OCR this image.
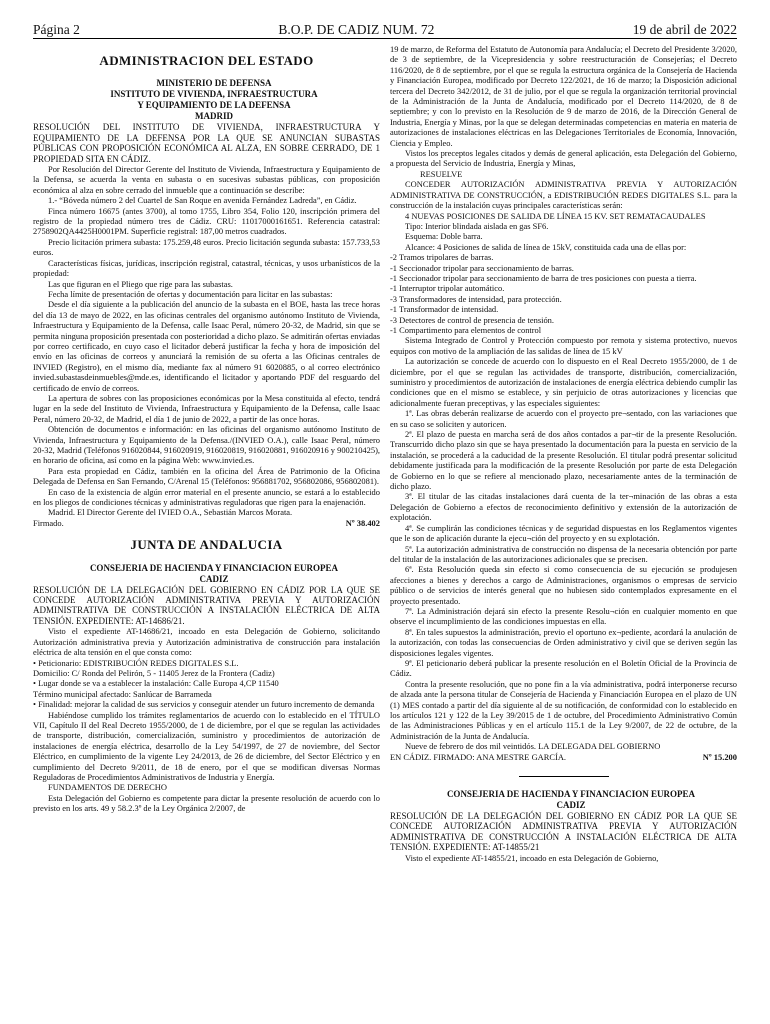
Página 2	B.O.P. DE CADIZ NUM. 72	19 de abril de 2022
ADMINISTRACION DEL ESTADO

MINISTERIO DE DEFENSA

INSTITUTO DE VIVIENDA, INFRAESTRUCTURA

Y EQUIPAMIENTO DE LA DEFENSA

MADRID

RESOLUCIÓN DEL INSTITUTO DE VIVIENDA, INFRAESTRUCTURA Y EQUIPAMIENTO DE LA DEFENSA POR LA QUE SE ANUNCIAN SUBASTAS PÚBLICAS CON PROPOSICIÓN ECONÓMICA AL ALZA, EN SOBRE CERRADO, DE 1 PROPIEDAD SITA EN CÁDIZ.

Por Resolución del Director Gerente del Instituto de Vivienda, Infraestructura y Equipamiento de la Defensa, se acuerda la venta en subasta o en sucesivas subastas públicas, con proposición económica al alza en sobre cerrado del inmueble que a continuación se describe:

1.- “Bóveda número 2 del Cuartel de San Roque en avenida Fernández Ladreda”, en Cádiz.

Finca número 16675 (antes 3700), al tomo 1755, Libro 354, Folio 120, inscripción primera del registro de la propiedad número tres de Cádiz. CRU: 11017000161651. Referencia catastral: 2758902QA4425H0001PM. Superficie registral: 187,00 metros cuadrados.

Precio licitación primera subasta: 175.259,48 euros. Precio licitación segunda subasta: 157.733,53 euros.

Características físicas, jurídicas, inscripción registral, catastral, técnicas, y usos urbanísticos de la propiedad:

Las que figuran en el Pliego que rige para las subastas.

Fecha límite de presentación de ofertas y documentación para licitar en las subastas:

Desde el día siguiente a la publicación del anuncio de la subasta en el BOE, hasta las trece horas del día 13 de mayo de 2022, en las oficinas centrales del organismo autónomo Instituto de Vivienda, Infraestructura y Equipamiento de la Defensa, calle Isaac Peral, número 20-32, de Madrid, sin que se permita ninguna proposición presentada con posterioridad a dicho plazo. Se admitirán ofertas enviadas por correo certificado, en cuyo caso el licitador deberá justificar la fecha y hora de imposición del envío en las oficinas de correos y anunciará la remisión de su oferta a las Oficinas centrales de INVIED (Registro), en el mismo día, mediante fax al número 91 6020885, o al correo electrónico invied.subastasdeinmuebles@mde.es, identificando el licitador y aportando PDF del resguardo del certificado de envío de correos.

La apertura de sobres con las proposiciones económicas por la Mesa constituida al efecto, tendrá lugar en la sede del Instituto de Vivienda, Infraestructura y Equipamiento de la Defensa, calle Isaac Peral, número 20-32, de Madrid, el día 1 de junio de 2022, a partir de las once horas.

Obtención de documentos e información: en las oficinas del organismo autónomo Instituto de Vivienda, Infraestructura y Equipamiento de la Defensa./(INVIED O.A.), calle Isaac Peral, número 20-32, Madrid (Teléfonos 916020844, 916020919, 916020819, 916020881, 916020916 y 900210425), en horario de oficina, así como en la página Web: www.invied.es.

Para esta propiedad en Cádiz, también en la oficina del Área de Patrimonio de la Oficina Delegada de Defensa en San Fernando, C/Arenal 15 (Teléfonos: 956881702, 956802086, 956802081).

En caso de la existencia de algún error material en el presente anuncio, se estará a lo establecido en los pliegos de condiciones técnicas y administrativas reguladoras que rigen para la enajenación.

Madrid. El Director Gerente del IVIED O.A., Sebastián Marcos Morata.

Firmado.	Nº 38.402
JUNTA DE ANDALUCIA

CONSEJERIA DE HACIENDA Y FINANCIACION EUROPEA

CADIZ

RESOLUCIÓN DE LA DELEGACIÓN DEL GOBIERNO EN CÁDIZ POR LA QUE SE CONCEDE AUTORIZACIÓN ADMINISTRATIVA PREVIA Y AUTORIZACIÓN ADMINISTRATIVA DE CONSTRUCCIÓN A INSTALACIÓN ELÉCTRICA DE ALTA TENSIÓN. EXPEDIENTE: AT-14686/21.

Visto el expediente AT-14686/21, incoado en esta Delegación de Gobierno, solicitando Autorización administrativa previa y Autorización administrativa de construcción para instalación eléctrica de alta tensión en el que consta como:

• Peticionario: EDISTRIBUCIÓN REDES DIGITALES S.L.

Domicilio: C/ Ronda del Pelirón, 5 - 11405 Jerez de la Frontera (Cadiz)

• Lugar donde se va a establecer la instalación: Calle Europa 4,CP 11540

Término municipal afectado: Sanlúcar de Barrameda

• Finalidad: mejorar la calidad de sus servicios y conseguir atender un futuro incremento de demanda

Habiéndose cumplido los trámites reglamentarios de acuerdo con lo establecido en el TÍTULO VII, Capítulo II del Real Decreto 1955/2000, de 1 de diciembre, por el que se regulan las actividades de transporte, distribución, comercialización, suministro y procedimientos de autorización de instalaciones de energía eléctrica, desarrollo de la Ley 54/1997, de 27 de noviembre, del Sector Eléctrico, en cumplimiento de la vigente Ley 24/2013, de 26 de diciembre, del Sector Eléctrico y en cumplimiento del Decreto 9/2011, de 18 de enero, por el que se modifican diversas Normas Reguladoras de Procedimientos Administrativos de Industria y Energía.

FUNDAMENTOS DE DERECHO

Esta Delegación del Gobierno es competente para dictar la presente resolución de acuerdo con lo previsto en los arts. 49 y 58.2.3º de la Ley Orgánica 2/2007, de

19 de marzo, de Reforma del Estatuto de Autonomía para Andalucía; el Decreto del Presidente 3/2020, de 3 de septiembre, de la Vicepresidencia y sobre reestructuración de Consejerías; el Decreto 116/2020, de 8 de septiembre, por el que se regula la estructura orgánica de la Consejería de Hacienda y Financiación Europea, modificado por Decreto 122/2021, de 16 de marzo; la Disposición adicional tercera del Decreto 342/2012, de 31 de julio, por el que se regula la organización territorial provincial de la Administración de la Junta de Andalucía, modificado por el Decreto 114/2020, de 8 de septiembre; y con lo previsto en la Resolución de 9 de marzo de 2016, de la Dirección General de Industria, Energía y Minas, por la que se delegan determinadas competencias en materia en materia de autorizaciones de instalaciones eléctricas en las Delegaciones Territoriales de Economía, Innovación, Ciencia y Empleo.

Vistos los preceptos legales citados y demás de general aplicación, esta Delegación del Gobierno, a propuesta del Servicio de Industria, Energía y Minas,

RESUELVE

CONCEDER AUTORIZACIÓN ADMINISTRATIVA PREVIA Y AUTORIZACIÓN ADMINISTRATIVA DE CONSTRUCCIÓN, a EDISTRIBUCIÓN REDES DIGITALES S.L. para la construcción de la instalación cuyas principales características serán:

4 NUEVAS POSICIONES DE SALIDA DE LÍNEA 15 KV. SET REMATACAUDALES

Tipo: Interior blindada aislada en gas SF6.

Esquema: Doble barra.

Alcance: 4 Posiciones de salida de línea de 15kV, constituida cada una de ellas por:

-2 Tramos tripolares de barras.

-1 Seccionador tripolar para seccionamiento de barras.

-1 Seccionador tripolar para seccionamiento de barra de tres posiciones con puesta a tierra.

-1 Interruptor tripolar automático.

-3 Transformadores de intensidad, para protección.

-1 Transformador de intensidad.

-3 Detectores de control de presencia de tensión.

-1 Compartimento para elementos de control

Sistema Integrado de Control y Protección compuesto por remota y sistema protectivo, nuevos equipos con motivo de la ampliación de las salidas de línea de 15 kV

La autorización se concede de acuerdo con lo dispuesto en el Real Decreto 1955/2000, de 1 de diciembre, por el que se regulan las actividades de transporte, distribución, comercialización, suministro y procedimientos de autorización de instalaciones de energía eléctrica debiendo cumplir las condiciones que en el mismo se establece, y sin perjuicio de otras autorizaciones y licencias que adicionalmente fueran preceptivas, y las especiales siguientes:

1ª. Las obras deberán realizarse de acuerdo con el proyecto pre¬sentado, con las variaciones que en su caso se soliciten y autoricen.

2ª. El plazo de puesta en marcha será de dos años contados a par¬tir de la presente Resolución. Transcurrido dicho plazo sin que se haya presentado la documentación para la puesta en servicio de la instalación, se procederá a la caducidad de la presente Resolución. El titular podrá presentar solicitud debidamente justificada para la modificación de la presente Resolución por parte de esta Delegación de Gobierno en lo que se refiere al mencionado plazo, necesariamente antes de la terminación de dicho plazo.

3ª. El titular de las citadas instalaciones dará cuenta de la ter¬minación de las obras a esta Delegación de Gobierno a efectos de reconocimiento definitivo y extensión de la autorización de explotación.

4ª. Se cumplirán las condiciones técnicas y de seguridad dispuestas en los Reglamentos vigentes que le son de aplicación durante la ejecu¬ción del proyecto y en su explotación.

5ª. La autorización administrativa de construcción no dispensa de la necesaria obtención por parte del titular de la instalación de las autorizaciones adicionales que se precisen.

6ª. Esta Resolución queda sin efecto si como consecuencia de su ejecución se produjesen afecciones a bienes y derechos a cargo de Administraciones, organismos o empresas de servicio público o de servicios de interés general que no hubiesen sido contemplados expresamente en el proyecto presentado.

7ª. La Administración dejará sin efecto la presente Resolu¬ción en cualquier momento en que observe el incumplimiento de las condiciones impuestas en ella.

8ª. En tales supuestos la administración, previo el oportuno ex¬pediente, acordará la anulación de la autorización, con todas las consecuencias de Orden administrativo y civil que se deriven según las disposiciones legales vigentes.

9ª. El peticionario deberá publicar la presente resolución en el Boletín Oficial de la Provincia de Cádiz.

Contra la presente resolución, que no pone fin a la vía administrativa, podrá interponerse recurso de alzada ante la persona titular de Consejería de Hacienda y Financiación Europea en el plazo de UN (1) MES contado a partir del día siguiente al de su notificación, de conformidad con lo establecido en los artículos 121 y 122 de la Ley 39/2015 de 1 de octubre, del Procedimiento Administrativo Común de las Administraciones Públicas y en el artículo 115.1 de la Ley 9/2007, de 22 de octubre, de la Administración de la Junta de Andalucía.

Nueve de febrero de dos mil veintidós. LA DELEGADA DEL GOBIERNO

EN CÁDIZ. FIRMADO: ANA MESTRE GARCÍA.	Nº 15.200

CONSEJERIA DE HACIENDA Y FINANCIACION EUROPEA

CADIZ

RESOLUCIÓN DE LA DELEGACIÓN DEL GOBIERNO EN CÁDIZ POR LA QUE SE CONCEDE AUTORIZACIÓN ADMINISTRATIVA PREVIA Y AUTORIZACIÓN ADMINISTRATIVA DE CONSTRUCCIÓN A INSTALACIÓN ELÉCTRICA DE ALTA TENSIÓN. EXPEDIENTE: AT-14855/21

Visto el expediente AT-14855/21, incoado en esta Delegación de Gobierno,
